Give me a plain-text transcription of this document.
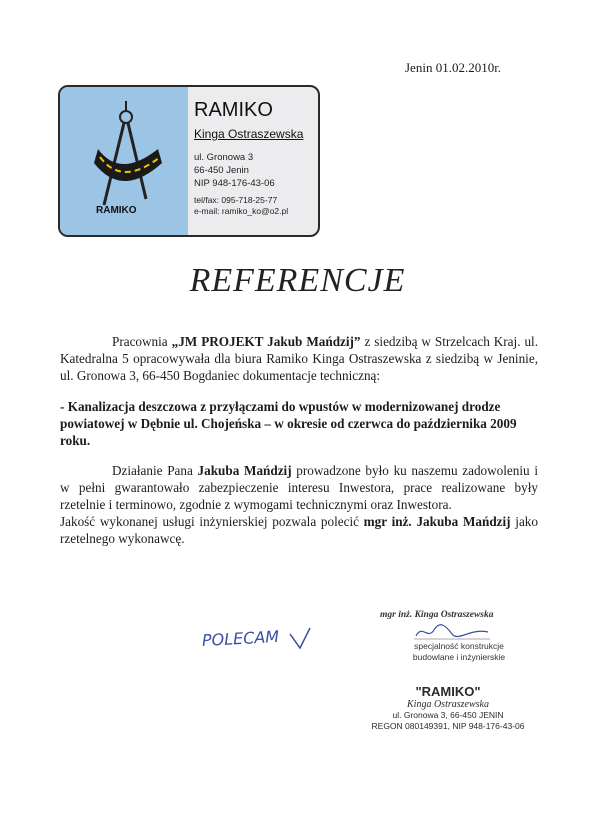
Jenin 01.02.2010r.
RAMIKO
RAMIKO
Kinga Ostraszewska
ul. Gronowa 3
66-450 Jenin
NIP 948-176-43-06
tel/fax: 095-718-25-77
e-mail: ramiko_ko@o2.pl
REFERENCJE
Pracownia „JM PROJEKT Jakub Mańdzij” z siedzibą w Strzelcach Kraj. ul. Katedralna 5 opracowywała dla biura Ramiko Kinga Ostraszewska z siedzibą w Jeninie, ul. Gronowa 3, 66-450 Bogdaniec dokumentacje techniczną:
- Kanalizacja deszczowa z przyłączami do wpustów w modernizowanej drodze powiatowej w Dębnie ul. Chojeńska – w okresie od czerwca do października 2009 roku.
Działanie Pana Jakuba Mańdzij prowadzone było ku naszemu zadowoleniu i w pełni gwarantowało zabezpieczenie interesu Inwestora, prace realizowane były rzetelnie i terminowo, zgodnie z wymogami technicznymi oraz Inwestora.
Jakość wykonanej usługi inżynierskiej pozwala polecić mgr inż. Jakuba Mańdzij jako rzetelnego wykonawcę.
POLECAM
mgr inż. Kinga Ostraszewska
specjalność konstrukcje
budowlane i inżynierskie
"RAMIKO"
Kinga Ostraszewska
ul. Gronowa 3, 66-450 JENIN
REGON 080149391, NIP 948-176-43-06
